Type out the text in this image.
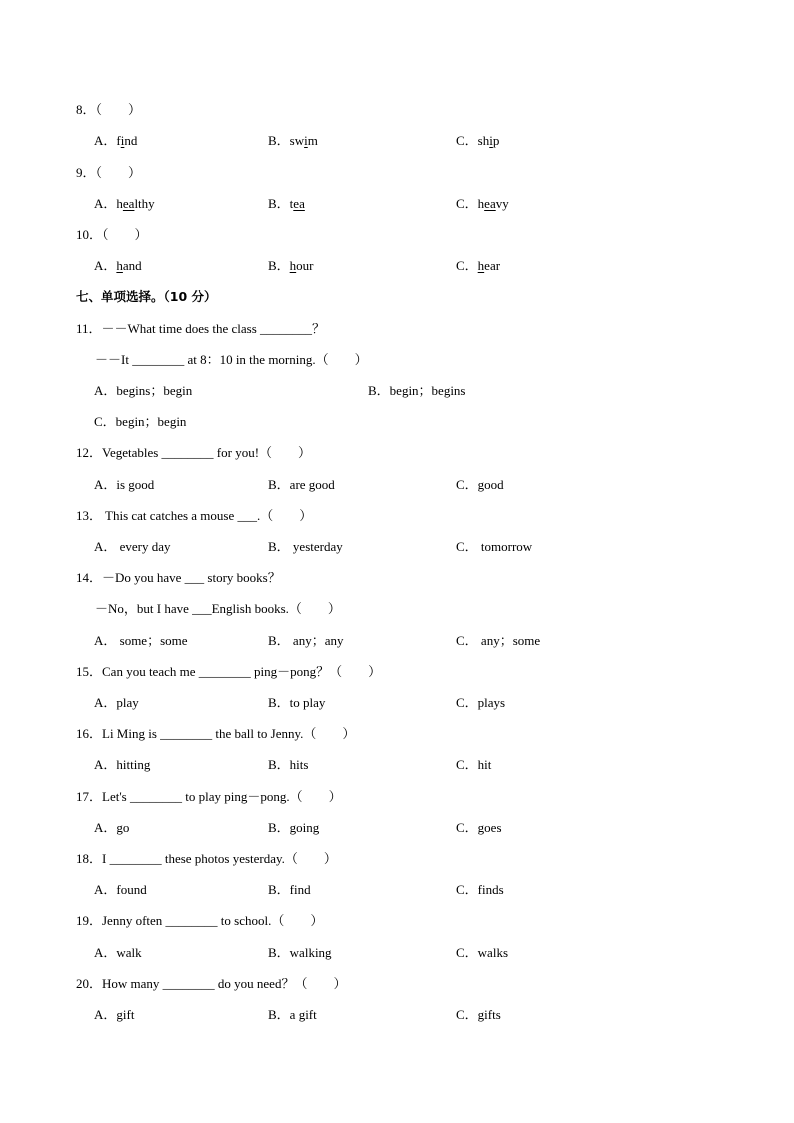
8．（　　）
A．find	B．swim	C．ship
9．（　　）
A．healthy	B．tea	C．heavy
10．（　　）
A．hand	B．hour	C．hear
七、单项选择。（10 分）
11．－－What time does the class ________？
－－It ________ at 8：10 in the morning.（　　）
A．begins；begin	B．begin；begins
C．begin；begin
12．Vegetables ________ for you!（　　）
A．is good	B．are good	C．good
13． This cat catches a mouse ___.（　　）
A． every day	B． yesterday	C． tomorrow
14．－Do you have ___ story books？
－No，but I have ___English books.（　　）
A． some；some	B． any；any	C． any；some
15．Can you teach me ________ ping－pong？（　　）
A．play	B．to play	C．plays
16．Li Ming is ________ the ball to Jenny.（　　）
A．hitting	B．hits	C．hit
17．Let's ________ to play ping－pong.（　　）
A．go	B．going	C．goes
18．I ________ these photos yesterday.（　　）
A．found	B．find	C．finds
19．Jenny often ________ to school.（　　）
A．walk	B．walking	C．walks
20．How many ________ do you need？（　　）
A．gift	B．a gift	C．gifts
